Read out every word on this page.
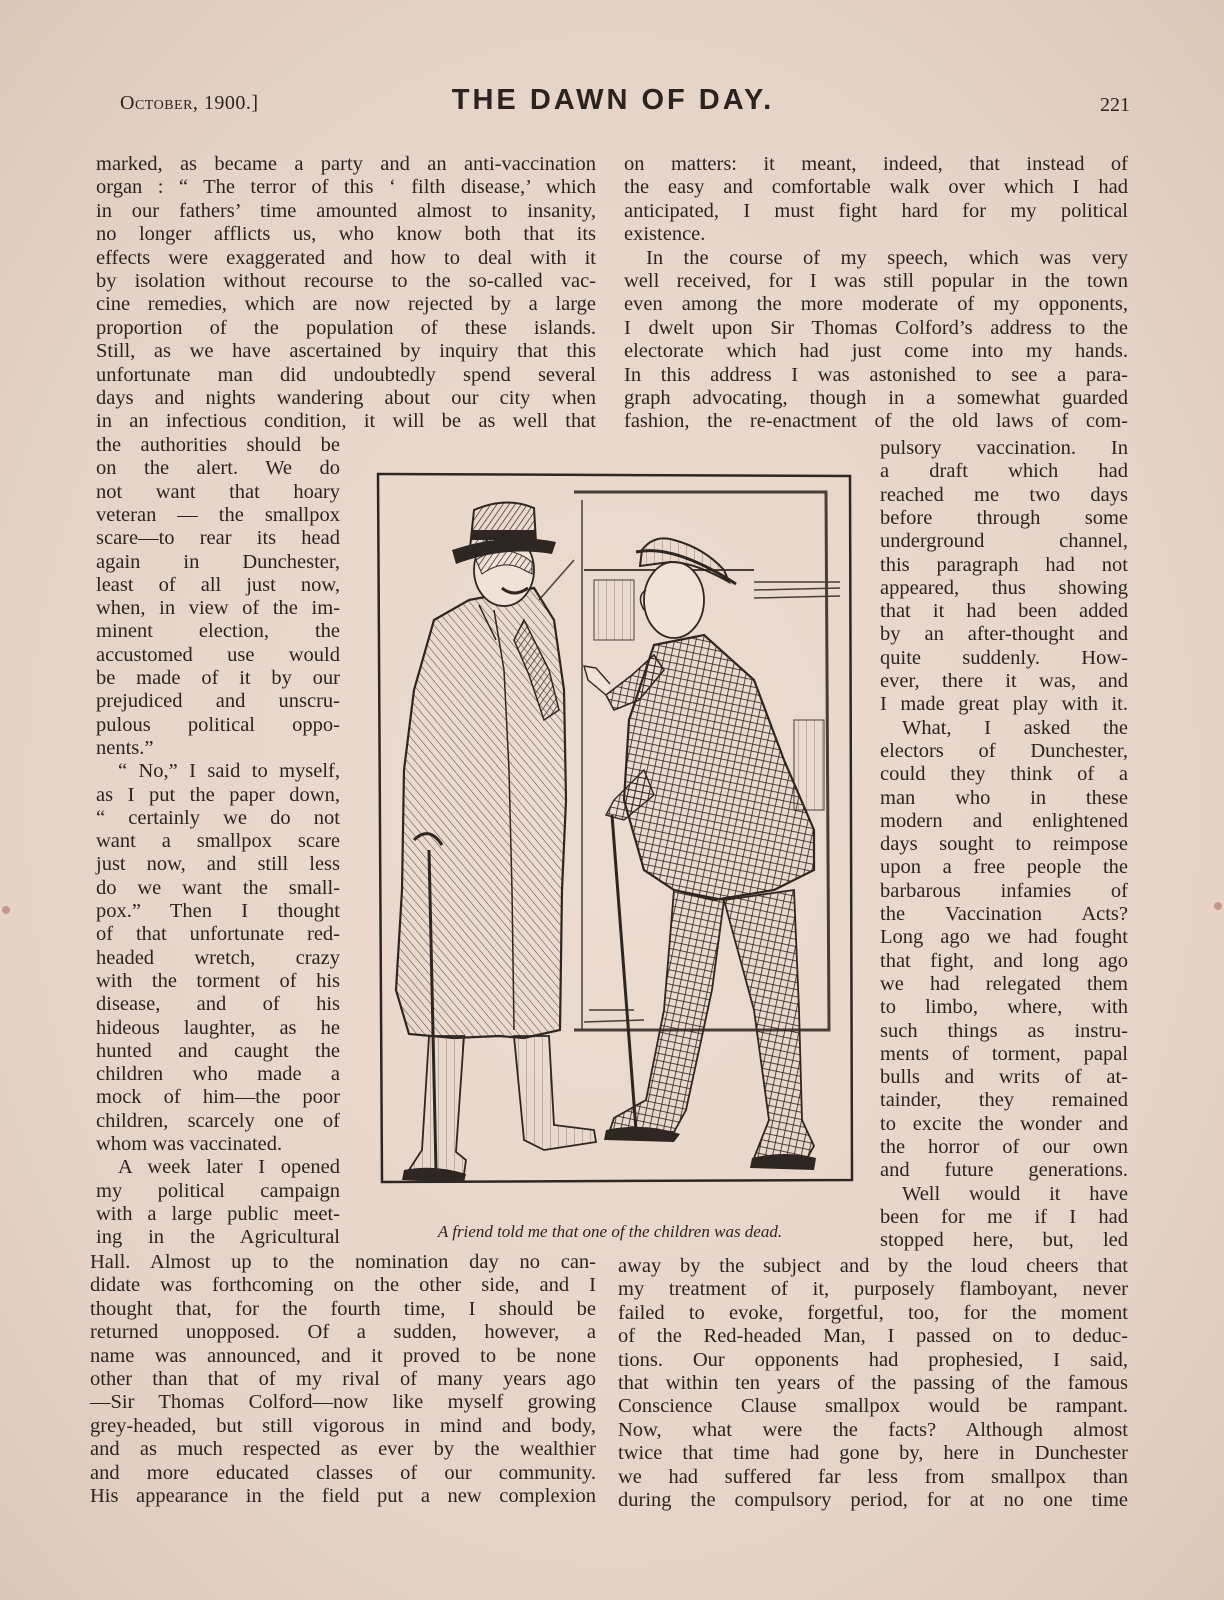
October, 1900.]	THE DAWN OF DAY.	221
marked, as became a party and an anti-vaccination
organ : “ The terror of this ‘ filth disease,’ which
in our fathers’ time amounted almost to insanity,
no longer afflicts us, who know both that its
effects were exaggerated and how to deal with it
by isolation without recourse to the so-called vac-
cine remedies, which are now rejected by a large
proportion of the population of these islands.
Still, as we have ascertained by inquiry that this
unfortunate man did undoubtedly spend several
days and nights wandering about our city when
in an infectious condition, it will be as well that
the authorities should be
on the alert. We do
not want that hoary
veteran — the smallpox
scare—to rear its head
again in Dunchester,
least of all just now,
when, in view of the im-
minent election, the
accustomed use would
be made of it by our
prejudiced and unscru-
pulous political oppo-
nents.”
“ No,” I said to myself,
as I put the paper down,
“ certainly we do not
want a smallpox scare
just now, and still less
do we want the small-
pox.” Then I thought
of that unfortunate red-
headed wretch, crazy
with the torment of his
disease, and of his
hideous laughter, as he
hunted and caught the
children who made a
mock of him—the poor
children, scarcely one of
whom was vaccinated.
A week later I opened
my political campaign
with a large public meet-
ing in the Agricultural
Hall. Almost up to the nomination day no can-
didate was forthcoming on the other side, and I
thought that, for the fourth time, I should be
returned unopposed. Of a sudden, however, a
name was announced, and it proved to be none
other than that of my rival of many years ago
—Sir Thomas Colford—now like myself growing
grey-headed, but still vigorous in mind and body,
and as much respected as ever by the wealthier
and more educated classes of our community.
His appearance in the field put a new complexion
on matters: it meant, indeed, that instead of
the easy and comfortable walk over which I had
anticipated, I must fight hard for my political
existence.
In the course of my speech, which was very
well received, for I was still popular in the town
even among the more moderate of my opponents,
I dwelt upon Sir Thomas Colford’s address to the
electorate which had just come into my hands.
In this address I was astonished to see a para-
graph advocating, though in a somewhat guarded
fashion, the re-enactment of the old laws of com-
pulsory vaccination. In
a draft which had
reached me two days
before through some
underground channel,
this paragraph had not
appeared, thus showing
that it had been added
by an after-thought and
quite suddenly. How-
ever, there it was, and
I made great play with it.
What, I asked the
electors of Dunchester,
could they think of a
man who in these
modern and enlightened
days sought to reimpose
upon a free people the
barbarous infamies of
the Vaccination Acts?
Long ago we had fought
that fight, and long ago
we had relegated them
to limbo, where, with
such things as instru-
ments of torment, papal
bulls and writs of at-
tainder, they remained
to excite the wonder and
the horror of our own
and future generations.
Well would it have
been for me if I had
stopped here, but, led
away by the subject and by the loud cheers that
my treatment of it, purposely flamboyant, never
failed to evoke, forgetful, too, for the moment
of the Red-headed Man, I passed on to deduc-
tions. Our opponents had prophesied, I said,
that within ten years of the passing of the famous
Conscience Clause smallpox would be rampant.
Now, what were the facts? Although almost
twice that time had gone by, here in Dunchester
we had suffered far less from smallpox than
during the compulsory period, for at no one time
A friend told me that one of the children was dead.
